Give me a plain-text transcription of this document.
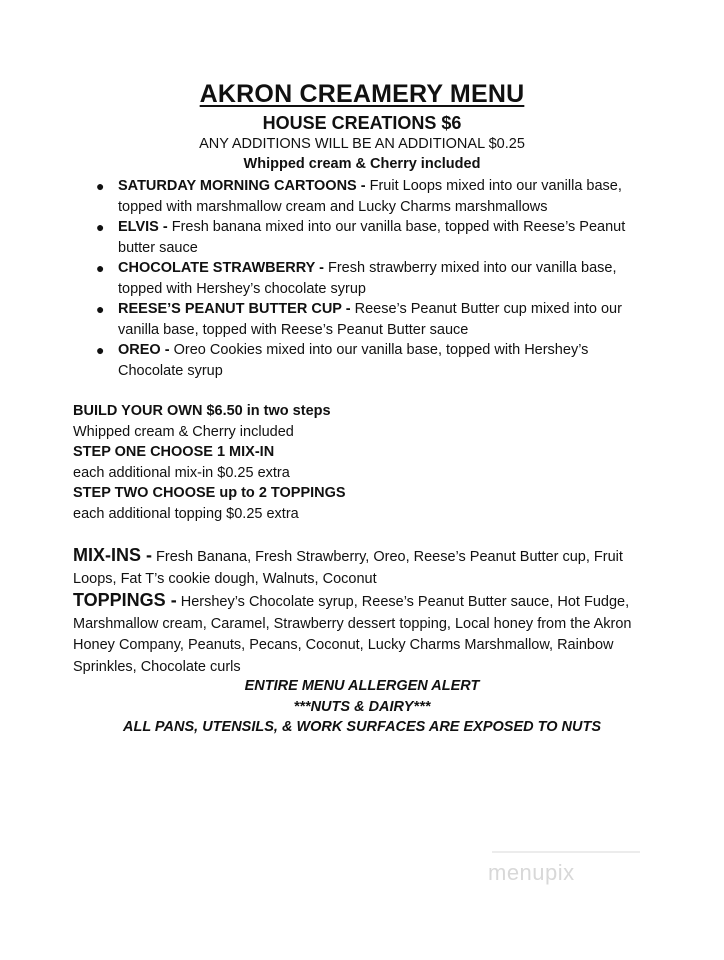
AKRON CREAMERY MENU
HOUSE CREATIONS $6
ANY ADDITIONS WILL BE AN ADDITIONAL $0.25
Whipped cream & Cherry included
● SATURDAY MORNING CARTOONS - Fruit Loops mixed into our vanilla base, topped with marshmallow cream and Lucky Charms marshmallows
● ELVIS - Fresh banana mixed into our vanilla base, topped with Reese’s Peanut butter sauce
● CHOCOLATE STRAWBERRY - Fresh strawberry mixed into our vanilla base, topped with Hershey’s chocolate syrup
● REESE’S PEANUT BUTTER CUP - Reese’s Peanut Butter cup mixed into our vanilla base, topped with Reese’s Peanut Butter sauce
● OREO - Oreo Cookies mixed into our vanilla base, topped with Hershey’s Chocolate syrup
BUILD YOUR OWN $6.50 in two steps
Whipped cream & Cherry included
STEP ONE CHOOSE 1 MIX-IN
each additional mix-in $0.25 extra
STEP TWO CHOOSE up to 2 TOPPINGS
each additional topping $0.25 extra

MIX-INS - Fresh Banana, Fresh Strawberry, Oreo, Reese’s Peanut Butter cup, Fruit Loops, Fat T’s cookie dough, Walnuts, Coconut

TOPPINGS - Hershey’s Chocolate syrup, Reese’s Peanut Butter sauce, Hot Fudge, Marshmallow cream, Caramel, Strawberry dessert topping, Local honey from the Akron Honey Company, Peanuts, Pecans, Coconut, Lucky Charms Marshmallow, Rainbow Sprinkles, Chocolate curls

ENTIRE MENU ALLERGEN ALERT
***NUTS & DAIRY***
ALL PANS, UTENSILS, & WORK SURFACES ARE EXPOSED TO NUTS
menupix
